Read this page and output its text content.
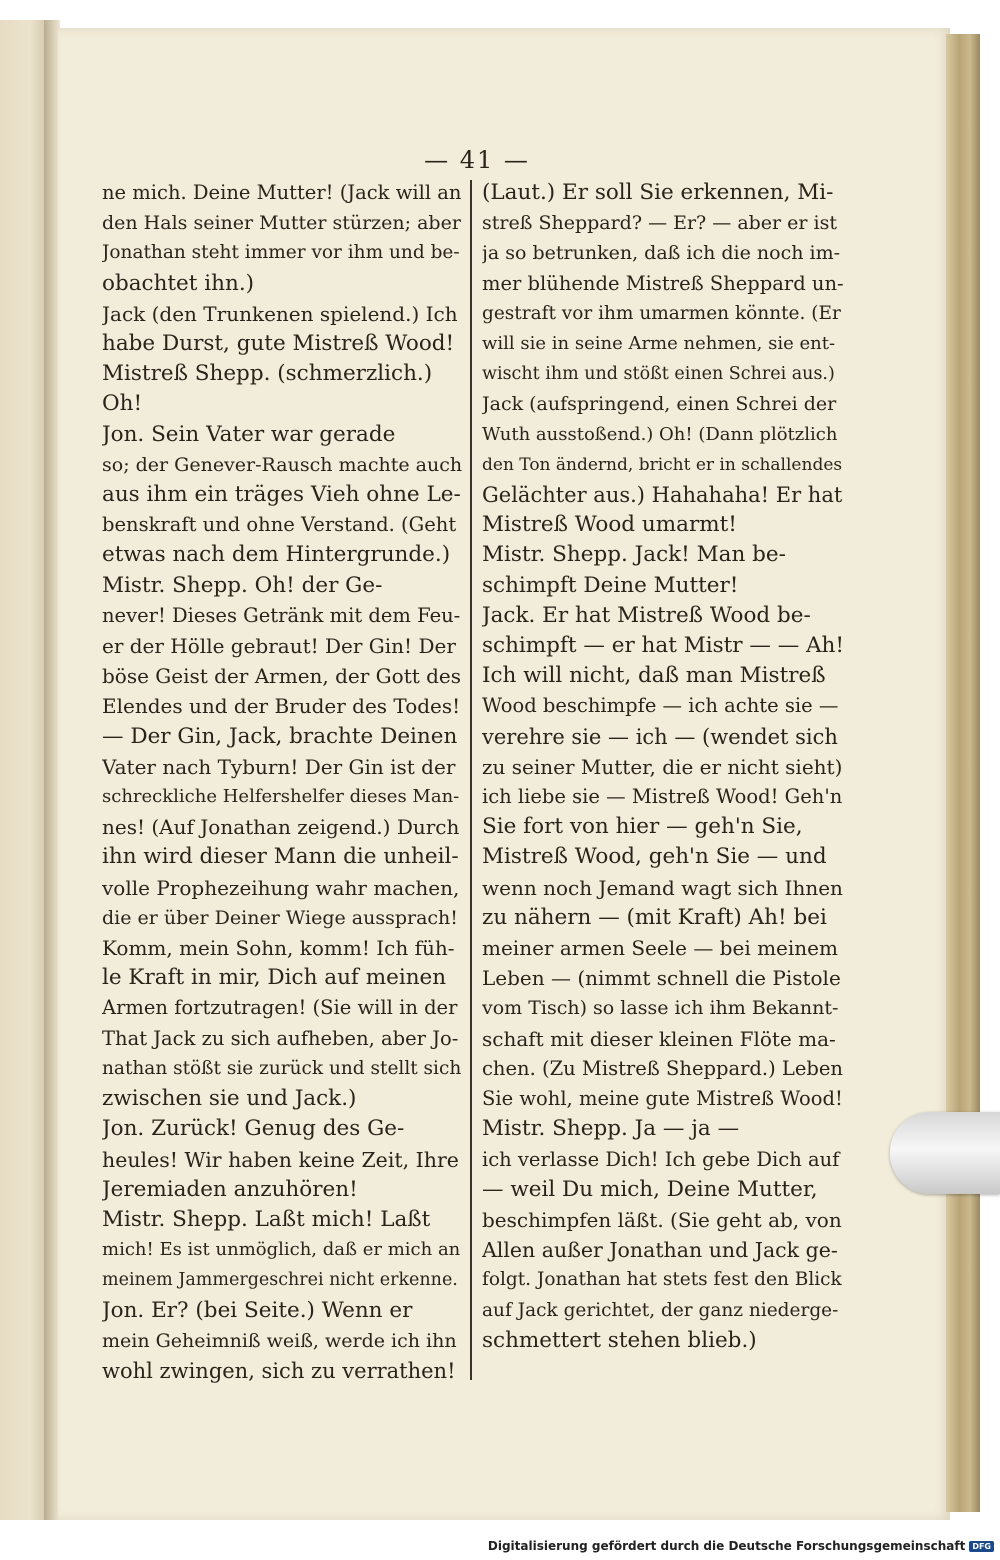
— 41 —
ne mich. Deine Mutter! (Jack will an
den Hals seiner Mutter stürzen; aber
Jonathan steht immer vor ihm und be-
obachtet ihn.)
Jack (den Trunkenen spielend.) Ich
habe Durst, gute Mistreß Wood!
Mistreß Shepp. (schmerzlich.)
Oh!
Jon. Sein Vater war gerade
so; der Genever-Rausch machte auch
aus ihm ein träges Vieh ohne Le-
benskraft und ohne Verstand. (Geht
etwas nach dem Hintergrunde.)
Mistr. Shepp. Oh! der Ge-
never! Dieses Getränk mit dem Feu-
er der Hölle gebraut! Der Gin! Der
böse Geist der Armen, der Gott des
Elendes und der Bruder des Todes!
— Der Gin, Jack, brachte Deinen
Vater nach Tyburn! Der Gin ist der
schreckliche Helfershelfer dieses Man-
nes! (Auf Jonathan zeigend.) Durch
ihn wird dieser Mann die unheil-
volle Prophezeihung wahr machen,
die er über Deiner Wiege aussprach!
Komm, mein Sohn, komm! Ich füh-
le Kraft in mir, Dich auf meinen
Armen fortzutragen! (Sie will in der
That Jack zu sich aufheben, aber Jo-
nathan stößt sie zurück und stellt sich
zwischen sie und Jack.)
Jon. Zurück! Genug des Ge-
heules! Wir haben keine Zeit, Ihre
Jeremiaden anzuhören!
Mistr. Shepp. Laßt mich! Laßt
mich! Es ist unmöglich, daß er mich an
meinem Jammergeschrei nicht erkenne.
Jon. Er? (bei Seite.) Wenn er
mein Geheimniß weiß, werde ich ihn
wohl zwingen, sich zu verrathen!
(Laut.) Er soll Sie erkennen, Mi-
streß Sheppard? — Er? — aber er ist
ja so betrunken, daß ich die noch im-
mer blühende Mistreß Sheppard un-
gestraft vor ihm umarmen könnte. (Er
will sie in seine Arme nehmen, sie ent-
wischt ihm und stößt einen Schrei aus.)
Jack (aufspringend, einen Schrei der
Wuth ausstoßend.) Oh! (Dann plötzlich
den Ton ändernd, bricht er in schallendes
Gelächter aus.) Hahahaha! Er hat
Mistreß Wood umarmt!
Mistr. Shepp. Jack! Man be-
schimpft Deine Mutter!
Jack. Er hat Mistreß Wood be-
schimpft — er hat Mistr — — Ah!
Ich will nicht, daß man Mistreß
Wood beschimpfe — ich achte sie —
verehre sie — ich — (wendet sich
zu seiner Mutter, die er nicht sieht)
ich liebe sie — Mistreß Wood! Geh'n
Sie fort von hier — geh'n Sie,
Mistreß Wood, geh'n Sie — und
wenn noch Jemand wagt sich Ihnen
zu nähern — (mit Kraft) Ah! bei
meiner armen Seele — bei meinem
Leben — (nimmt schnell die Pistole
vom Tisch) so lasse ich ihm Bekannt-
schaft mit dieser kleinen Flöte ma-
chen. (Zu Mistreß Sheppard.) Leben
Sie wohl, meine gute Mistreß Wood!
Mistr. Shepp. Ja — ja —
ich verlasse Dich! Ich gebe Dich auf
— weil Du mich, Deine Mutter,
beschimpfen läßt. (Sie geht ab, von
Allen außer Jonathan und Jack ge-
folgt. Jonathan hat stets fest den Blick
auf Jack gerichtet, der ganz niederge-
schmettert stehen blieb.)
Digitalisierung gefördert durch die Deutsche Forschungsgemeinschaft DFG
